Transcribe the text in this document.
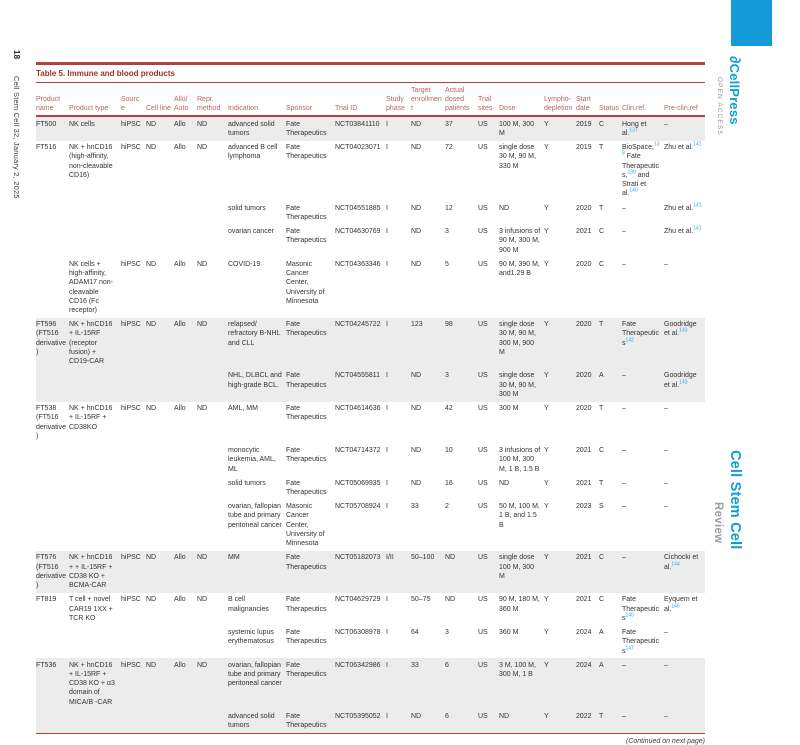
18 Cell Stem Cell 32, January 2, 2025
∂CellPress
OPEN ACCESS
Cell Stem Cell
Review
Table 5. Immune and blood products
Product name	Product type	Source	Cell line	Allo/ Auto	Repr. method	Indication	Sponsor	Trial ID	Study phase	Target enrollment	Actual dosed patients	Trial sites	Dose	Lympho- depletion	Start date	Status	Clin.ref.	Pre-clin.ref
FT500	NK cells	hiPSC	ND	Allo	ND	advanced solid tumors	Fate Therapeutics	NCT03841110	I	ND	37	US	100 M, 300 M	Y	2019	C	Hong et al.$^{137}$	–
FT516	NK + hnCD16 (high-affinity, non-cleavable CD16)	hiPSC	ND	Allo	ND	advanced B cell lymphoma	Fate Therapeutics	NCT04023071	I	ND	72	US	single dose 30 M, 90 M, 330 M	Y	2019	T	BioSpace,$^{138}$ Fate Therapeutics,$^{139}$ and Strati et al.$^{140}$	Zhu et al.$^{141}$
						solid tumors	Fate Therapeutics	NCT04551885	I	ND	12	US	ND	Y	2020	T	–	Zhu et al.$^{141}$
						ovarian cancer	Fate Therapeutics	NCT04630769	I	ND	3	US	3 infusions of 90 M, 300 M, 900 M	Y	2021	C	–	Zhu et al.$^{141}$
	NK cells + high-affinity, ADAM17 non-cleavable CD16 (Fc receptor)	hiPSC	ND	Allo	ND	COVID-19	Masonic Cancer Center, University of Minnesota	NCT04363346	I	ND	5	US	90 M, 390 M, and1.29 B	Y	2020	C	–	–
FT596 (FT516 derivative)	NK + hnCD16 + IL-15RF (receptor fusion) + CD19-CAR	hiPSC	ND	Allo	ND	relapsed/ refractory B-NHL and CLL	Fate Therapeutics	NCT04245722	I	123	98	US	single dose 30 M, 90 M, 300 M, 900 M	Y	2020	T	Fate Therapeutics$^{142}$	Goodridge et al.$^{143}$
						NHL, DLBCL and high-grade BCL.	Fate Therapeutics	NCT04555811	I	ND	3	US	single dose 30 M, 90 M, 300 M	Y	2020	A	–	Goodridge et al.$^{143}$
FT538 (FT516 derivative)	NK + hnCD16 + IL-15RF + CD38KO	hiPSC	ND	Allo	ND	AML, MM	Fate Therapeutics	NCT04614636	I	ND	42	US	300 M	Y	2020	T	–	–
						monocytic leukemia, AML, ML	Fate Therapeutics	NCT04714372	I	ND	10	US	3 infusions of 100 M, 300 M, 1 B, 1.5 B	Y	2021	C	–	–
						solid tumors	Fate Therapeutics	NCT05069935	I	ND	16	US	ND	Y	2021	T	–	–
						ovarian, fallopian tube and primary peritoneal cancer	Masonic Cancer Center, University of Minnesota	NCT05708924	I	33	2	US	50 M, 100 M, 1 B, and 1.5 B	Y	2023	S	–	–
FT576 (FT516 derivative)	NK + hnCD16 + + IL-15RF + CD38 KO + BCMA-CAR	hiPSC	ND	Allo	ND	MM	Fate Therapeutics	NCT05182073	I/II	50–100	ND	US	single dose 100 M, 300 M	Y	2021	C	–	Cichocki et al.$^{144}$
FT819	T cell + novel CAR19 1XX + TCR KO	hiPSC	ND	Allo	ND	B cell malignancies	Fate Therapeutics	NCT04629729	I	50–75	ND	US	90 M, 180 M, 360 M	Y	2021	C	Fate Therapeutics$^{145}$	Eyquem et al.$^{146}$
						systemic lupus erythematosus	Fate Therapeutics	NCT06308978	I	64	3	US	360 M	Y	2024	A	Fate Therapeutics$^{147}$	–
FT536	NK + hnCD16 + IL-15RF + CD38 KO + α3 domain of MICA/B -CAR	hiPSC	ND	Allo	ND	ovarian, fallopian tube and primary peritoneal cancer	Fate Therapeutics	NCT06342986	I	33	6	US	3 M, 100 M, 300 M, 1 B	Y	2024	A	–	–
						advanced solid tumors	Fate Therapeutics	NCT05395052	I	ND	6	US	ND	Y	2022	T	–	–
(Continued on next page)
